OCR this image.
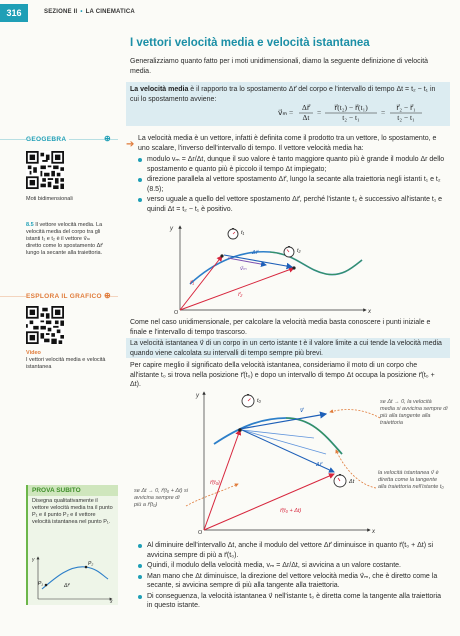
316	SEZIONE II • LA CINEMATICA
I vettori velocità media e velocità istantanea
Generalizziamo quanto fatto per i moti unidimensionali, diamo la seguente definizione di velocità media.
La velocità media è il rapporto tra lo spostamento Δr⃗ del corpo e l'intervallo di tempo Δt = t₂ − t₁ in cui lo spostamento avviene:
v⃗ₘ =
Δr⃗
Δt
=
r⃗(t₂) − r⃗(t₁)
t₂ − t₁
=
r⃗₂ − r⃗₁
t₂ − t₁
GEOGEBRA	⊕
Moti bidimensionali
8.5 Il vettore velocità media. La velocità media del corpo tra gli istanti t₁ e t₂ è il vettore v⃗ₘ diretto come lo spostamento Δr⃗ lungo la secante alla traiettoria.
ESPLORA IL GRAFICO ⊕
Video
I vettori velocità media e velocità istantanea
➔
La velocità media è un vettore, infatti è definita come il prodotto tra un vettore, lo spostamento, e uno scalare, l'inverso dell'intervallo di tempo. Il vettore velocità media ha:
modulo vₘ = Δr/Δt, dunque il suo valore è tanto maggiore quanto più è grande il modulo Δr dello spostamento e quanto più è piccolo il tempo Δt impiegato;
direzione parallela al vettore spostamento Δr⃗, lungo la secante alla traiettoria negli istanti t₁ e t₂ (8.5);
verso uguale a quello del vettore spostamento Δr⃗, perché l'istante t₂ è successivo all'istante t₁ e quindi Δt = t₂ − t₁ è positivo.
y
x
O
t₁
t₂
r⃗₁
r⃗₂
Δr⃗
v⃗ₘ
Come nel caso unidimensionale, per calcolare la velocità media basta conoscere i punti iniziale e finale e l'intervallo di tempo trascorso.
La velocità istantanea v⃗ di un corpo in un certo istante t è il valore limite a cui tende la velocità media quando viene calcolata su intervalli di tempo sempre più brevi.
Per capire meglio il significato della velocità istantanea, consideriamo il moto di un corpo che all'istante t₀ si trova nella posizione r⃗(t₀) e dopo un intervallo di tempo Δt occupa la posizione r⃗(t₀ + Δt).
y
x
O
t₀
Δt
v⃗
r⃗(t₀)
r⃗(t₀ + Δt)
Δr⃗
se Δt → 0, la velocità media si avvicina sempre di più alla tangente alla traiettoria
la velocità istantanea v⃗ è diretta come la tangente alla traiettoria nell'istante t₀
se Δt → 0, r⃗(t₀ + Δt) si avvicina sempre di più a r⃗(t₀)
PROVA SUBITO
Disegna qualitativamente il vettore velocità media tra il punto P₁ e il punto P₂ e il vettore velocità istantanea nel punto P₁.
y
x
P₁
P₂
Δr⃗
Al diminuire dell'intervallo Δt, anche il modulo del vettore Δr⃗ diminuisce in quanto r⃗(t₀ + Δt) si avvicina sempre di più a r⃗(t₀).
Quindi, il modulo della velocità media, vₘ = Δr/Δt, si avvicina a un valore costante.
Man mano che Δt diminuisce, la direzione del vettore velocità media v⃗ₘ, che è diretto come la secante, si avvicina sempre di più alla tangente alla traiettoria.
Di conseguenza, la velocità istantanea v⃗ nell'istante t₀ è diretta come la tangente alla traiettoria in questo istante.
